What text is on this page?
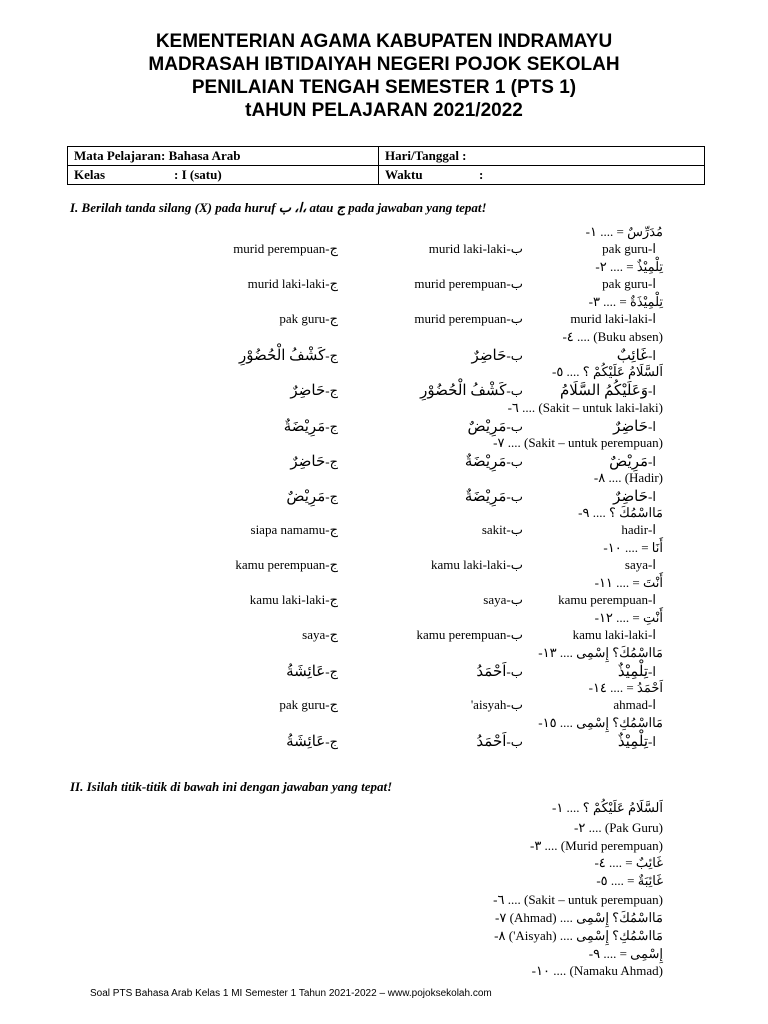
KEMENTERIAN AGAMA KABUPATEN INDRAMAYU
MADRASAH IBTIDAIYAH NEGERI POJOK SEKOLAH
PENILAIAN TENGAH SEMESTER 1 (PTS 1)
tAHUN PELAJARAN 2021/2022
Mata Pelajaran: Bahasa Arab	Hari/Tanggal :
Kelas : I (satu)	Waktu :
I. Berilah tanda silang (X) pada huruf ا، ب، atau ج pada jawaban yang tepat!
١- مُدَرِّسٌ = ....
murid perempuan-ج	murid laki-laki-ب	pak guru-ا
٢- تِلْمِيْذٌ = ....
murid laki-laki-ج	murid perempuan-ب	pak guru-ا
٣- تِلْمِيْذَةٌ = ....
pak guru-ج	murid perempuan-ب	murid laki-laki-ا
٤- (Buku absen) ....
ج-كَشْفُ الْحُضُوْرِ	ب-حَاضِرٌ	ا-غَائِبٌ
٥- اَلسَّلَامُ عَلَيْكُمْ ؟ ....
ج-حَاضِرٌ	ب-كَشْفُ الْحُضُوْرِ	ا-وَعَلَيْكُمُ السَّلَامُ
٦- (Sakit – untuk laki-laki) ....
ج-مَرِيْضَةٌ	ب-مَرِيْضٌ	ا-حَاضِرٌ
٧- (Sakit – untuk perempuan) ....
ج-حَاضِرٌ	ب-مَرِيْضَةٌ	ا-مَرِيْضٌ
٨- (Hadir) ....
ج-مَرِيْضٌ	ب-مَرِيْضَةٌ	ا-حَاضِرٌ
٩- مَااسْمُكَ ؟ ....
siapa namamu-ج	sakit-ب	hadir-ا
١٠- أَنَا = ....
kamu perempuan-ج	kamu laki-laki-ب	saya-ا
١١- أَنْتَ = ....
kamu laki-laki-ج	saya-ب	kamu perempuan-ا
١٢- أَنْتِ = ....
saya-ج	kamu perempuan-ب	kamu laki-laki-ا
١٣- مَااسْمُكَ؟ إِسْمِى ....
ج-عَائِشَةُ	ب-اَحْمَدُ	ا-تِلْمِيْذٌ
١٤- اَحْمَدُ = ....
pak guru-ج	'aisyah-ب	ahmad-ا
١٥- مَااسْمُكِ؟ إِسْمِى ....
ج-عَائِشَةُ	ب-اَحْمَدُ	ا-تِلْمِيْذٌ
II. Isilah titik-titik di bawah ini dengan jawaban yang tepat!
١- اَلسَّلَامُ عَلَيْكُمْ ؟ ....
٢- (Pak Guru) ....
٣- (Murid perempuan) ....
٤- غَائِبٌ = ....
٥- غَائِبَةٌ = ....
٦- (Sakit – untuk perempuan) ....
٧- مَااسْمُكَ؟ إِسْمِى .... (Ahmad)
٨- مَااسْمُكِ؟ إِسْمِى .... (Aisyah')
٩- إِسْمِى = ....
١٠- (Namaku Ahmad) ....
Soal PTS Bahasa Arab Kelas 1 MI Semester 1 Tahun 2021-2022 – www.pojoksekolah.com
